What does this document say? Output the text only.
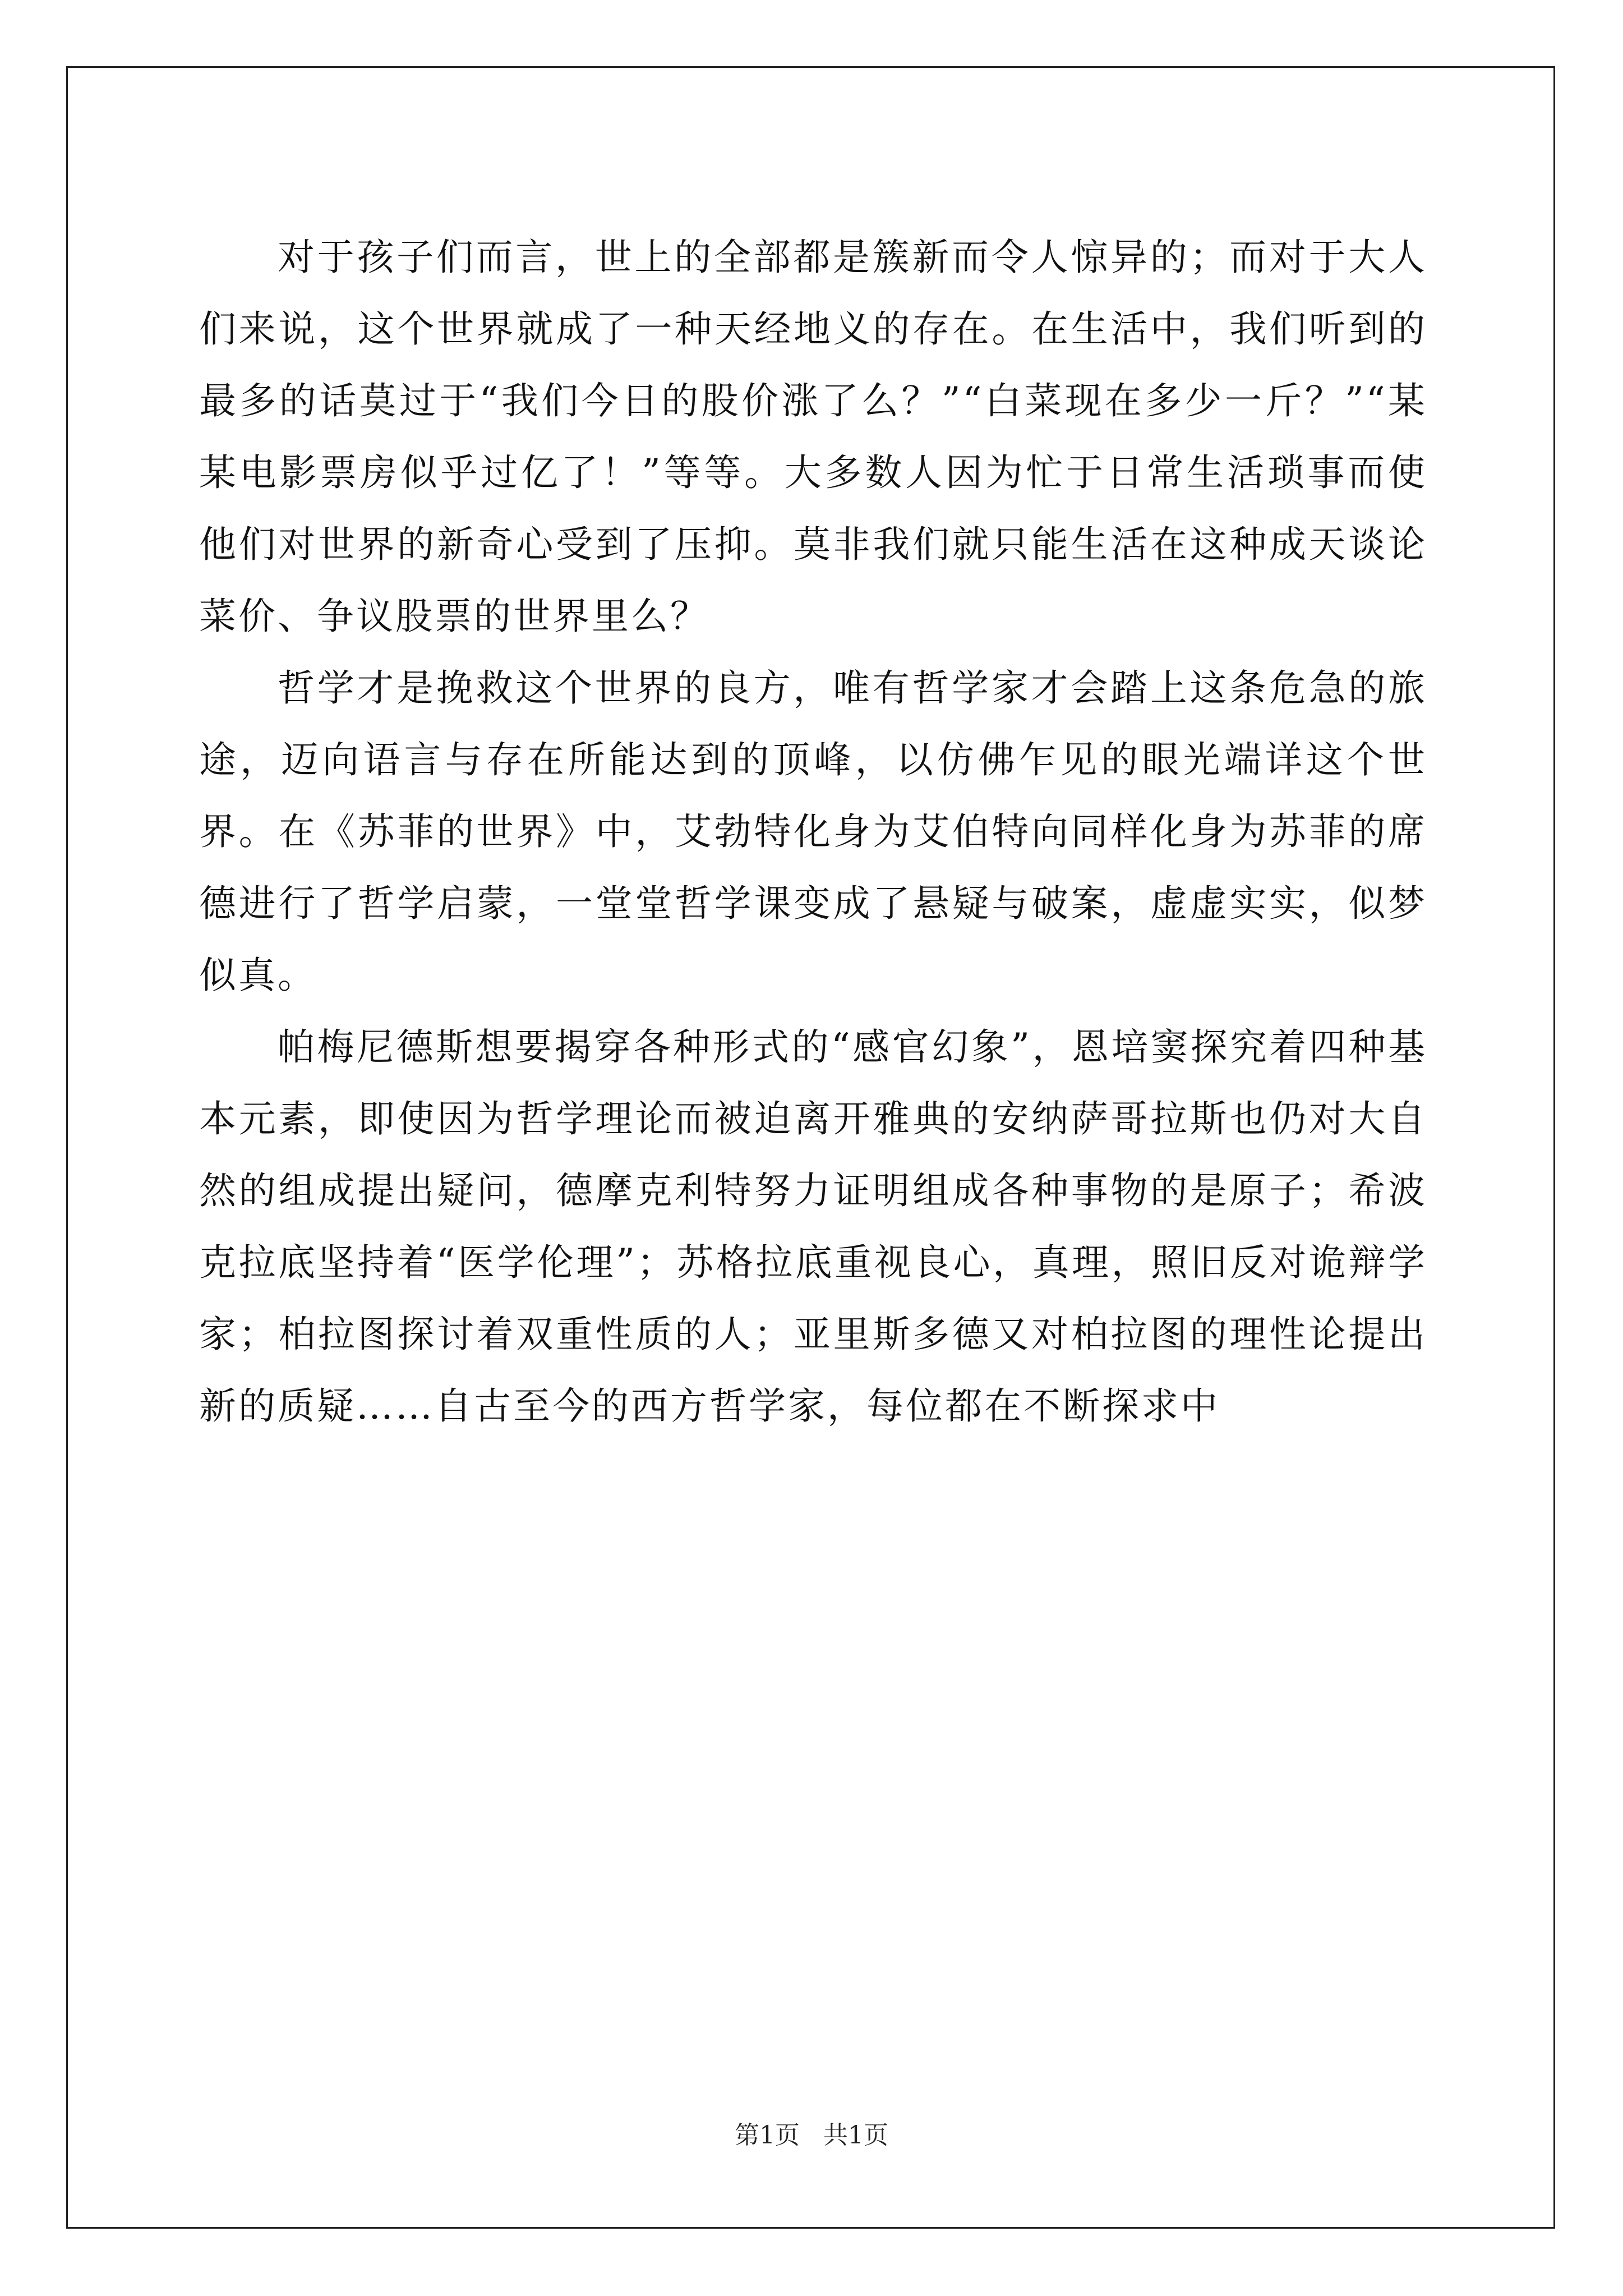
对于孩子们而言，世上的全部都是簇新而令人惊异的；而对于大人们来说，这个世界就成了一种天经地义的存在。在生活中，我们听到的最多的话莫过于“我们今日的股价涨了么？”“白菜现在多少一斤？”“某某电影票房似乎过亿了！”等等。大多数人因为忙于日常生活琐事而使他们对世界的新奇心受到了压抑。莫非我们就只能生活在这种成天谈论菜价、争议股票的世界里么？

哲学才是挽救这个世界的良方，唯有哲学家才会踏上这条危急的旅途，迈向语言与存在所能达到的顶峰，以仿佛乍见的眼光端详这个世界。在《苏菲的世界》中，艾勃特化身为艾伯特向同样化身为苏菲的席德进行了哲学启蒙，一堂堂哲学课变成了悬疑与破案，虚虚实实，似梦似真。

帕梅尼德斯想要揭穿各种形式的“感官幻象”，恩培窦探究着四种基本元素，即使因为哲学理论而被迫离开雅典的安纳萨哥拉斯也仍对大自然的组成提出疑问，德摩克利特努力证明组成各种事物的是原子；希波克拉底坚持着“医学伦理”；苏格拉底重视良心，真理，照旧反对诡辩学家；柏拉图探讨着双重性质的人；亚里斯多德又对柏拉图的理性论提出新的质疑……自古至今的西方哲学家，每位都在不断探求中

第1页 共1页
